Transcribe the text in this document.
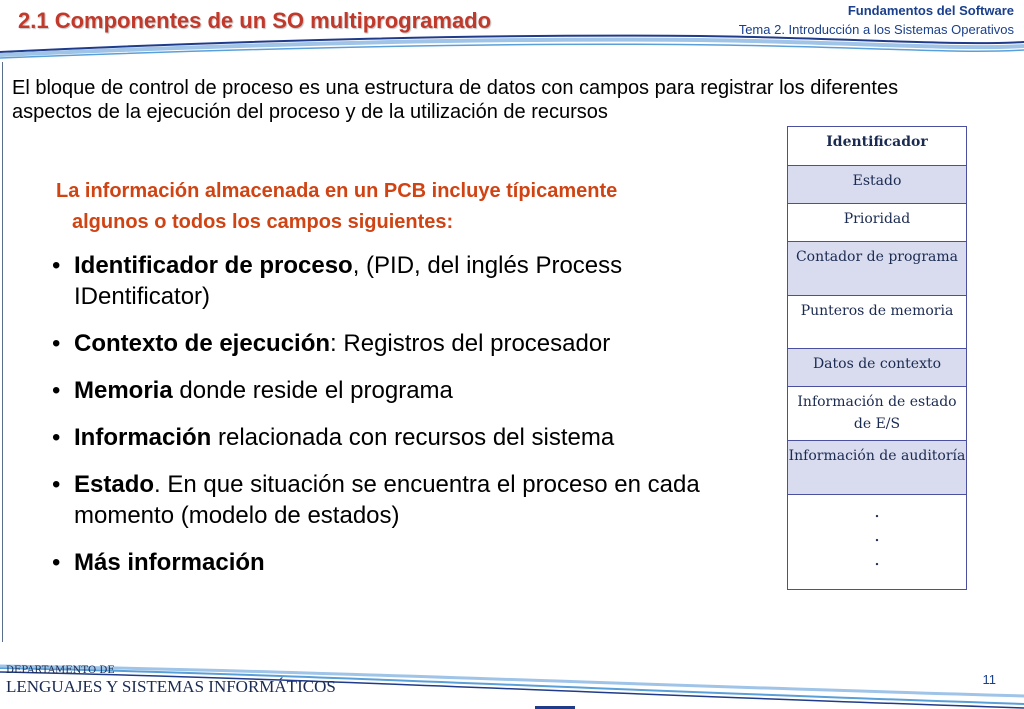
2.1 Componentes de un SO multiprogramado	Fundamentos del Software
Tema 2. Introducción a los Sistemas Operativos
El bloque de control de proceso es una estructura de datos con campos para registrar los diferentes aspectos de la ejecución del proceso y de la utilización de recursos
La información almacenada en un PCB incluye típicamente
algunos o todos los campos siguientes:
• Identificador de proceso, (PID, del inglés Process IDentificator)
• Contexto de ejecución: Registros del procesador
• Memoria donde reside el programa
• Información relacionada con recursos del sistema
• Estado. En que situación se encuentra el proceso en cada momento (modelo de estados)
• Más información
Identificador
Estado
Prioridad
Contador de programa
Punteros de memoria
Datos de contexto
Información de estado de E/S
Información de auditoría
.
.
.
DEPARTAMENTO DE
LENGUAJES Y SISTEMAS INFORMÁTICOS	11
